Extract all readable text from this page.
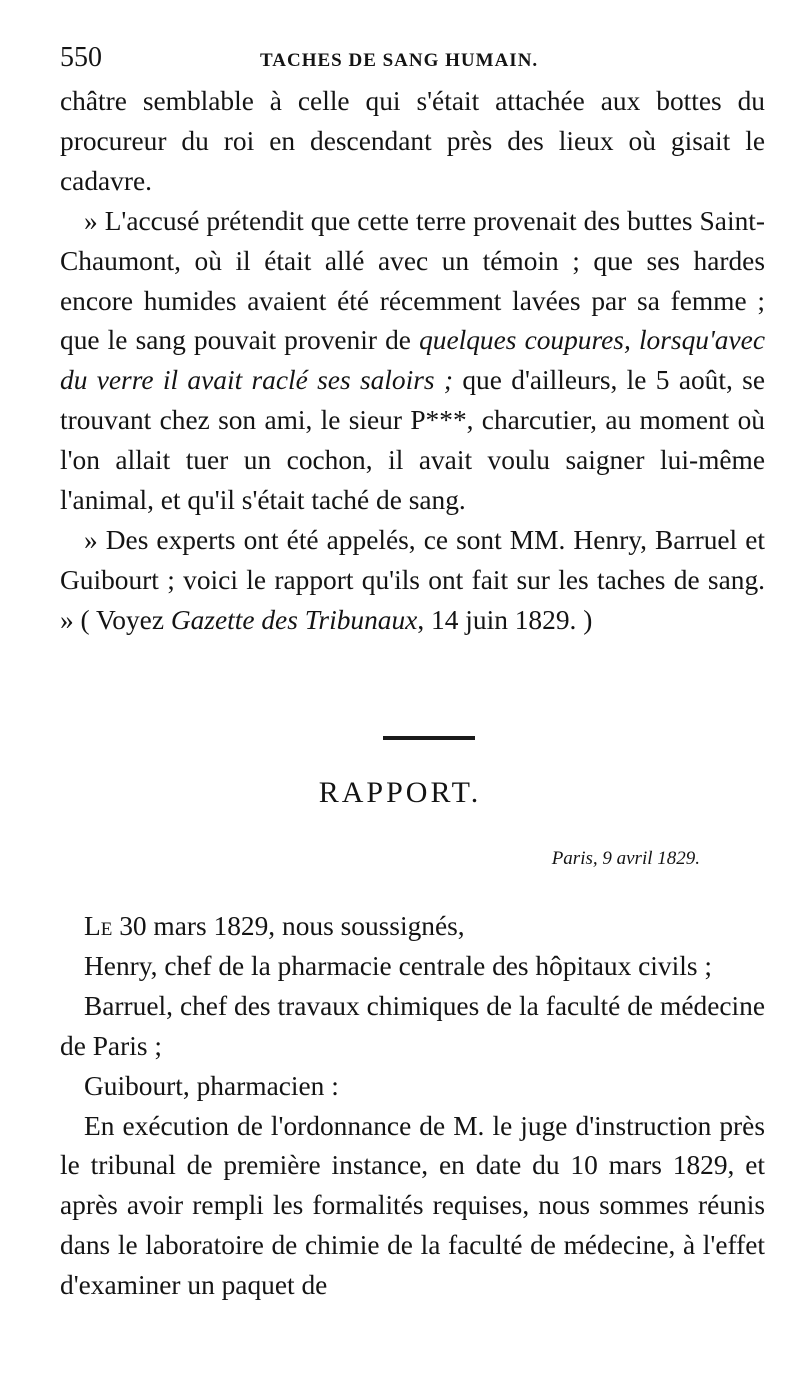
550	TACHES DE SANG HUMAIN.

châtre semblable à celle qui s'était attachée aux bottes du procureur du roi en descendant près des lieux où gisait le cadavre.

» L'accusé prétendit que cette terre provenait des buttes Saint-Chaumont, où il était allé avec un témoin ; que ses hardes encore humides avaient été récemment lavées par sa femme ; que le sang pouvait provenir de quelques coupures, lorsqu'avec du verre il avait raclé ses saloirs ; que d'ailleurs, le 5 août, se trouvant chez son ami, le sieur P***, charcutier, au moment où l'on allait tuer un cochon, il avait voulu saigner lui-même l'animal, et qu'il s'était taché de sang.

» Des experts ont été appelés, ce sont MM. Henry, Barruel et Guibourt ; voici le rapport qu'ils ont fait sur les taches de sang. » ( Voyez Gazette des Tribunaux, 14 juin 1829. )

RAPPORT.
Paris, 9 avril 1829.

Le 30 mars 1829, nous soussignés,

Henry, chef de la pharmacie centrale des hôpitaux civils ;

Barruel, chef des travaux chimiques de la faculté de médecine de Paris ;

Guibourt, pharmacien :

En exécution de l'ordonnance de M. le juge d'instruction près le tribunal de première instance, en date du 10 mars 1829, et après avoir rempli les formalités requises, nous sommes réunis dans le laboratoire de chimie de la faculté de médecine, à l'effet d'examiner un paquet de
